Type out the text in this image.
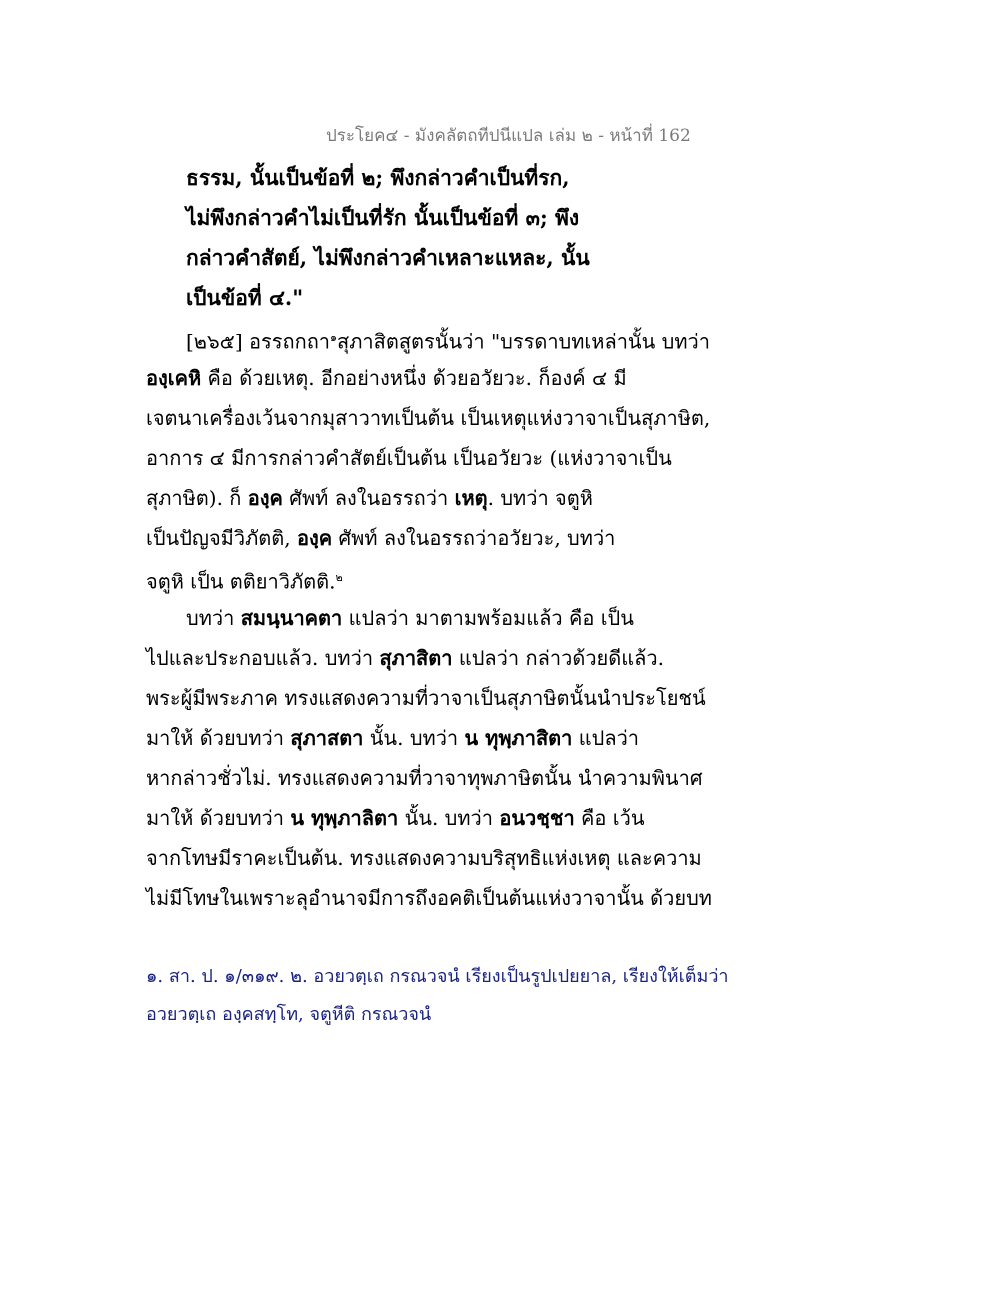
ประโยค๔ - มังคลัตถทีปนีแปล เล่ม ๒ - หน้าที่ 162
ธรรม, นั้นเป็นข้อที่ ๒; พึงกล่าวคำเป็นที่รก,
ไม่พึงกล่าวคำไม่เป็นที่รัก นั้นเป็นข้อที่ ๓; พึง
กล่าวคำสัตย์, ไม่พึงกล่าวคำเหลาะแหละ, นั้น
เป็นข้อที่ ๔."
[๒๖๕] อรรถกถา$^๑$สุภาสิตสูตรนั้นว่า "บรรดาบทเหล่านั้น บทว่า
องฺเคหิ คือ ด้วยเหตุ. อีกอย่างหนึ่ง ด้วยอวัยวะ. ก็องค์ ๔ มี
เจตนาเครื่องเว้นจากมุสาวาทเป็นต้น เป็นเหตุแห่งวาจาเป็นสุภาษิต,
อาการ ๔ มีการกล่าวคำสัตย์เป็นต้น เป็นอวัยวะ (แห่งวาจาเป็น
สุภาษิต). ก็ องฺค ศัพท์ ลงในอรรถว่า เหตุ. บทว่า จตูหิ
เป็นปัญจมีวิภัตติ, องฺค ศัพท์ ลงในอรรถว่าอวัยวะ, บทว่า
จตูหิ เป็น ตติยาวิภัตติ.$^๒$
บทว่า สมนฺนาคตา แปลว่า มาตามพร้อมแล้ว คือ เป็น
ไปและประกอบแล้ว. บทว่า สุภาสิตา แปลว่า กล่าวด้วยดีแล้ว.
พระผู้มีพระภาค ทรงแสดงความที่วาจาเป็นสุภาษิตนั้นนำประโยชน์
มาให้ ด้วยบทว่า สุภาสตา นั้น. บทว่า น ทุพฺภาสิตา แปลว่า
หากล่าวชั่วไม่. ทรงแสดงความที่วาจาทุพภาษิตนั้น นำความพินาศ
มาให้ ด้วยบทว่า น ทุพฺภาลิตา นั้น. บทว่า อนวชฺชา คือ เว้น
จากโทษมีราคะเป็นต้น. ทรงแสดงความบริสุทธิแห่งเหตุ และความ
ไม่มีโทษในเพราะลุอำนาจมีการถึงอคติเป็นต้นแห่งวาจานั้น ด้วยบท
๑. สา. ป. ๑/๓๑๙. ๒. อวยวตฺเถ กรณวจนํ เรียงเป็นรูปเปยยาล, เรียงให้เต็มว่า
อวยวตฺเถ องฺคสทฺโท, จตูหีติ กรณวจนํ
